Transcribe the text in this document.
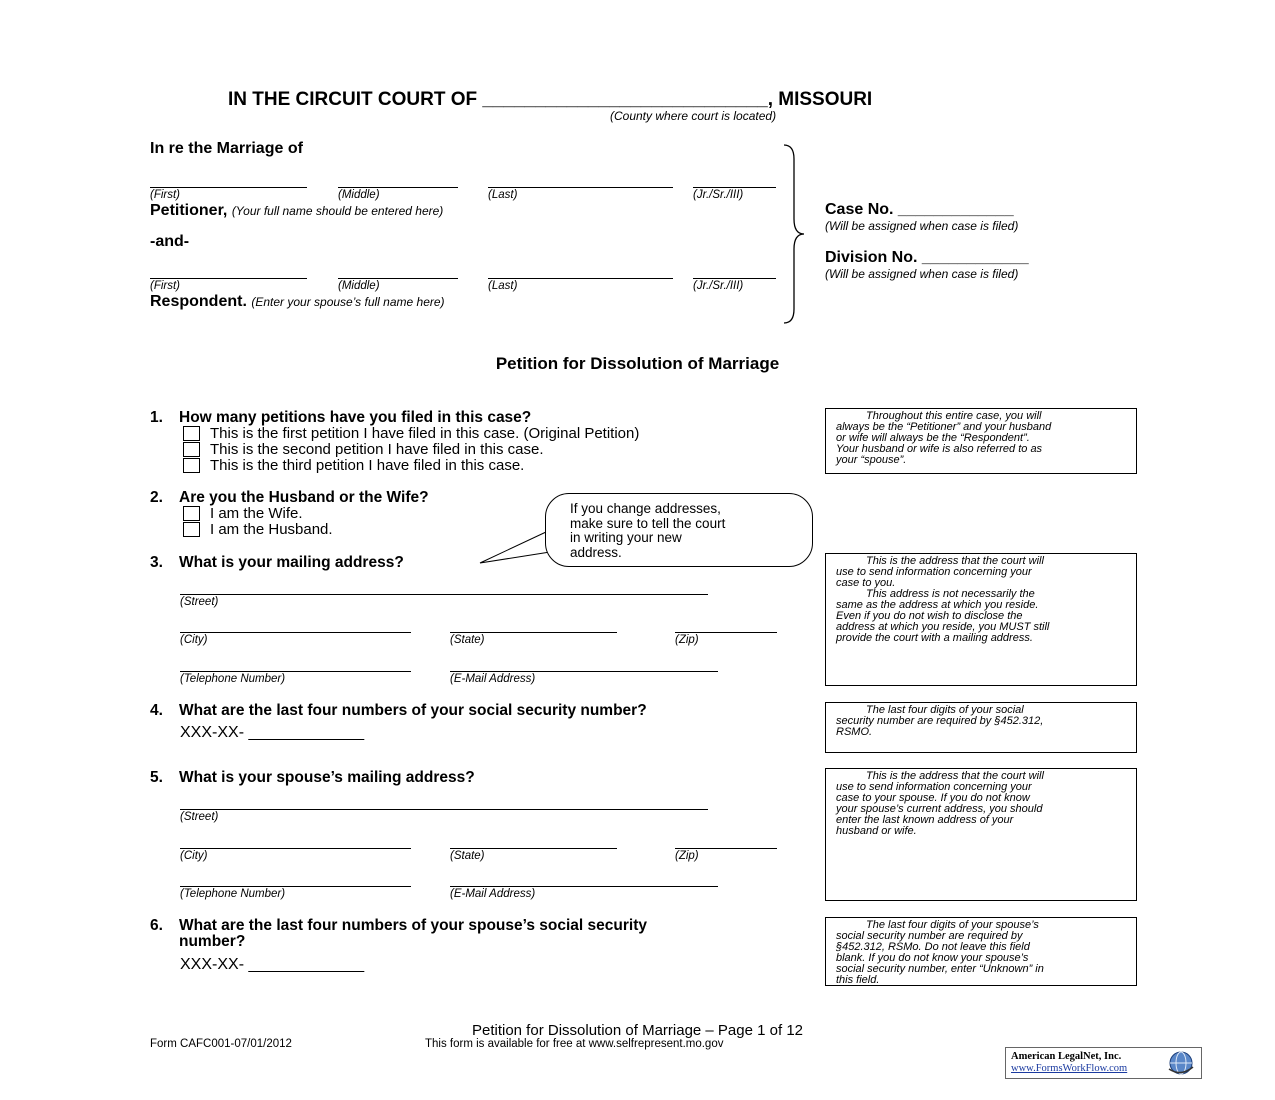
IN THE CIRCUIT COURT OF ___________________________, MISSOURI
(County where court is located)
In re the Marriage of
(First)	(Middle)	(Last)	(Jr./Sr./III)
Petitioner, (Your full name should be entered here)
-and-
(First)	(Middle)	(Last)	(Jr./Sr./III)
Respondent. (Enter your spouse’s full name here)
Case No. _____________
(Will be assigned when case is filed)
Division No. ____________
(Will be assigned when case is filed)
Petition for Dissolution of Marriage
1. How many petitions have you filed in this case?
This is the first petition I have filed in this case. (Original Petition)
This is the second petition I have filed in this case.
This is the third petition I have filed in this case.
Throughout this entire case, you will
always be the “Petitioner” and your husband
or wife will always be the “Respondent”.
Your husband or wife is also referred to as
your “spouse”.
2. Are you the Husband or the Wife?
I am the Wife.
I am the Husband.
If you change addresses,
make sure to tell the court
in writing your new
address.
3. What is your mailing address?
(Street)
(City)	(State)	(Zip)
(Telephone Number)	(E-Mail Address)
This is the address that the court will
use to send information concerning your
case to you.
This address is not necessarily the
same as the address at which you reside.
Even if you do not wish to disclose the
address at which you reside, you MUST still
provide the court with a mailing address.
4. What are the last four numbers of your social security number?
XXX-XX- _____________
The last four digits of your social
security number are required by §452.312,
RSMO.
5. What is your spouse’s mailing address?
(Street)
(City)	(State)	(Zip)
(Telephone Number)	(E-Mail Address)
This is the address that the court will
use to send information concerning your
case to your spouse. If you do not know
your spouse’s current address, you should
enter the last known address of your
husband or wife.
6. What are the last four numbers of your spouse’s social security
number?
XXX-XX- _____________
The last four digits of your spouse’s
social security number are required by
§452.312, RSMo. Do not leave this field
blank. If you do not know your spouse’s
social security number, enter “Unknown” in
this field.
Petition for Dissolution of Marriage – Page 1 of 12
Form CAFC001-07/01/2012	This form is available for free at www.selfrepresent.mo.gov
American LegalNet, Inc.
www.FormsWorkFlow.com
